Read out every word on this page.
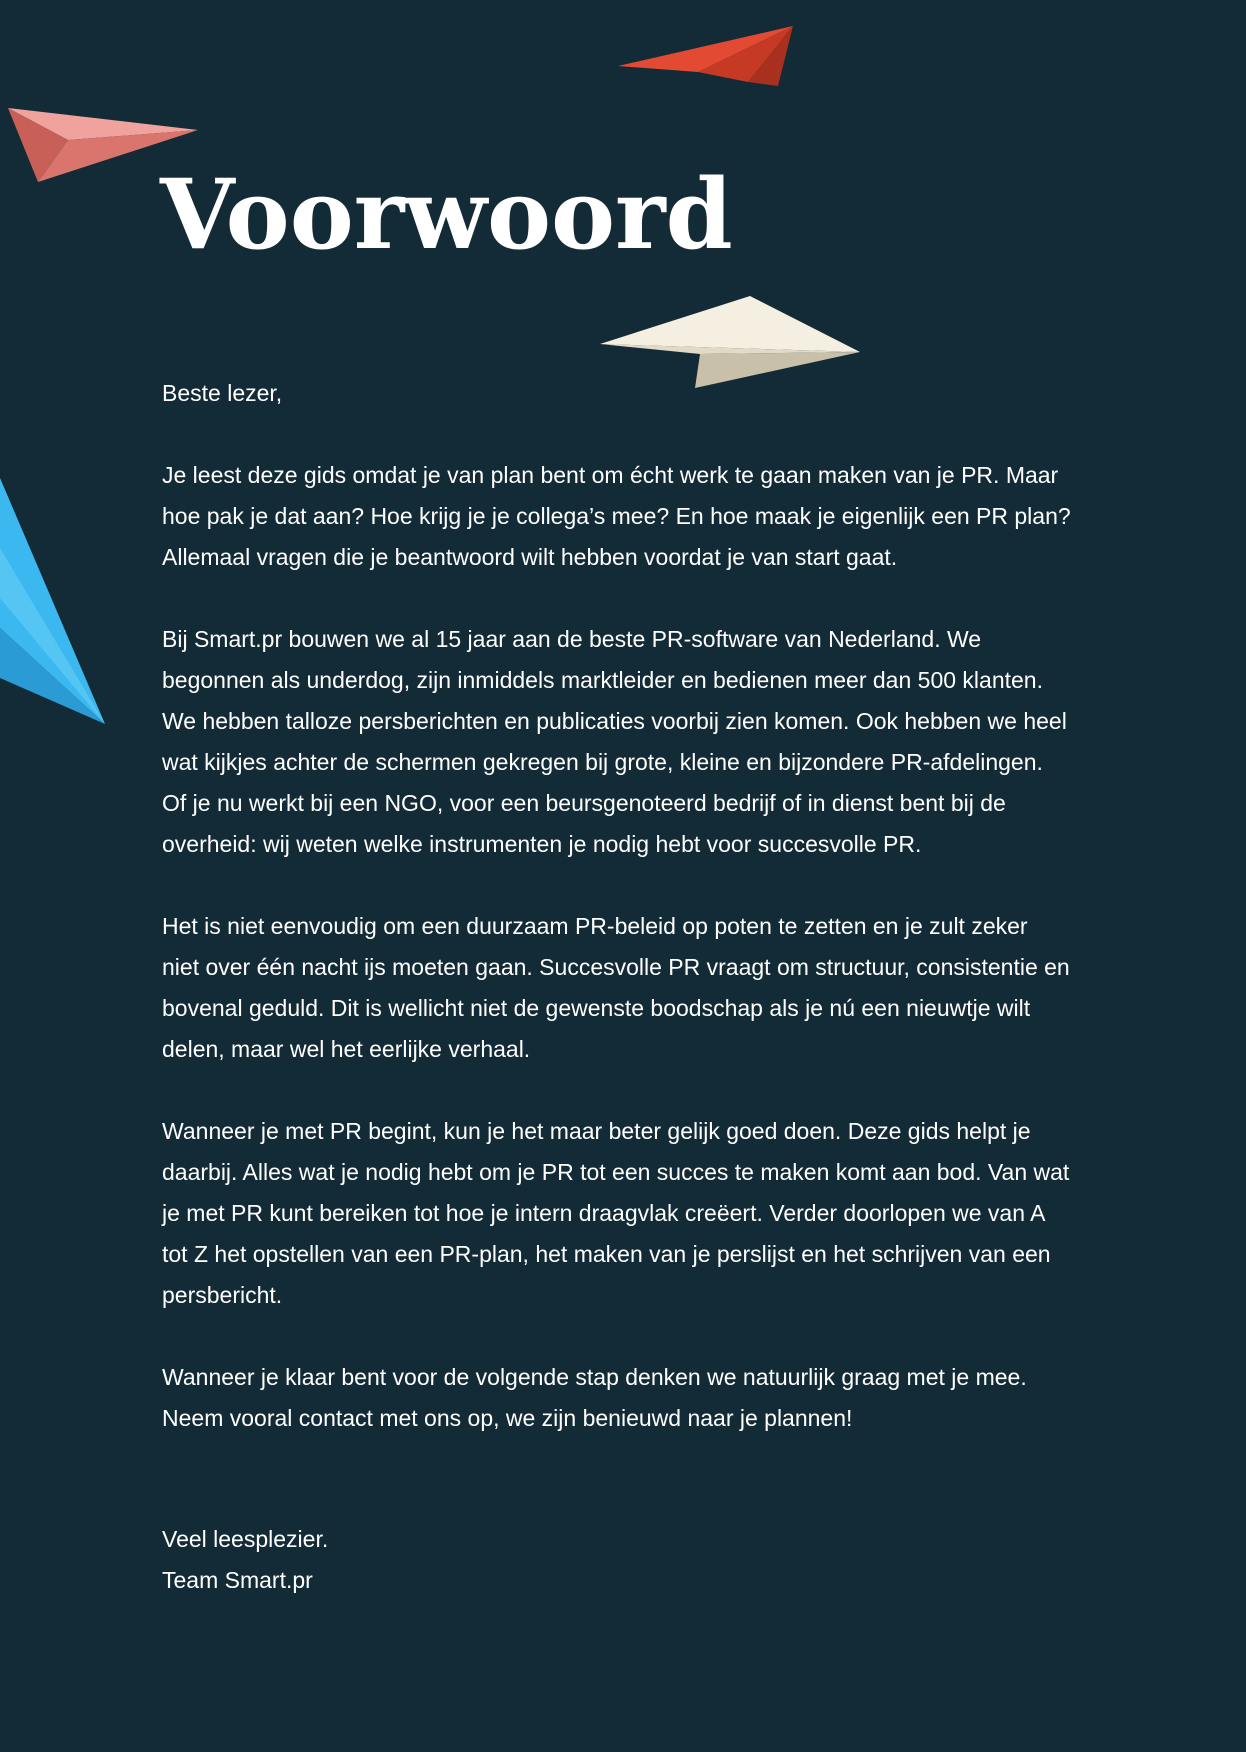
Voorwoord

Beste lezer,

Je leest deze gids omdat je van plan bent om écht werk te gaan maken van je PR. Maar
hoe pak je dat aan? Hoe krijg je je collega’s mee? En hoe maak je eigenlijk een PR plan?
Allemaal vragen die je beantwoord wilt hebben voordat je van start gaat.

Bij Smart.pr bouwen we al 15 jaar aan de beste PR-software van Nederland. We
begonnen als underdog, zijn inmiddels marktleider en bedienen meer dan 500 klanten.
We hebben talloze persberichten en publicaties voorbij zien komen. Ook hebben we heel
wat kijkjes achter de schermen gekregen bij grote, kleine en bijzondere PR-afdelingen.
Of je nu werkt bij een NGO, voor een beursgenoteerd bedrijf of in dienst bent bij de
overheid: wij weten welke instrumenten je nodig hebt voor succesvolle PR.

Het is niet eenvoudig om een duurzaam PR-beleid op poten te zetten en je zult zeker
niet over één nacht ijs moeten gaan. Succesvolle PR vraagt om structuur, consistentie en
bovenal geduld. Dit is wellicht niet de gewenste boodschap als je nú een nieuwtje wilt
delen, maar wel het eerlijke verhaal.

Wanneer je met PR begint, kun je het maar beter gelijk goed doen. Deze gids helpt je
daarbij. Alles wat je nodig hebt om je PR tot een succes te maken komt aan bod. Van wat
je met PR kunt bereiken tot hoe je intern draagvlak creëert. Verder doorlopen we van A
tot Z het opstellen van een PR-plan, het maken van je perslijst en het schrijven van een
persbericht.

Wanneer je klaar bent voor de volgende stap denken we natuurlijk graag met je mee.
Neem vooral contact met ons op, we zijn benieuwd naar je plannen!

Veel leesplezier.
Team Smart.pr
